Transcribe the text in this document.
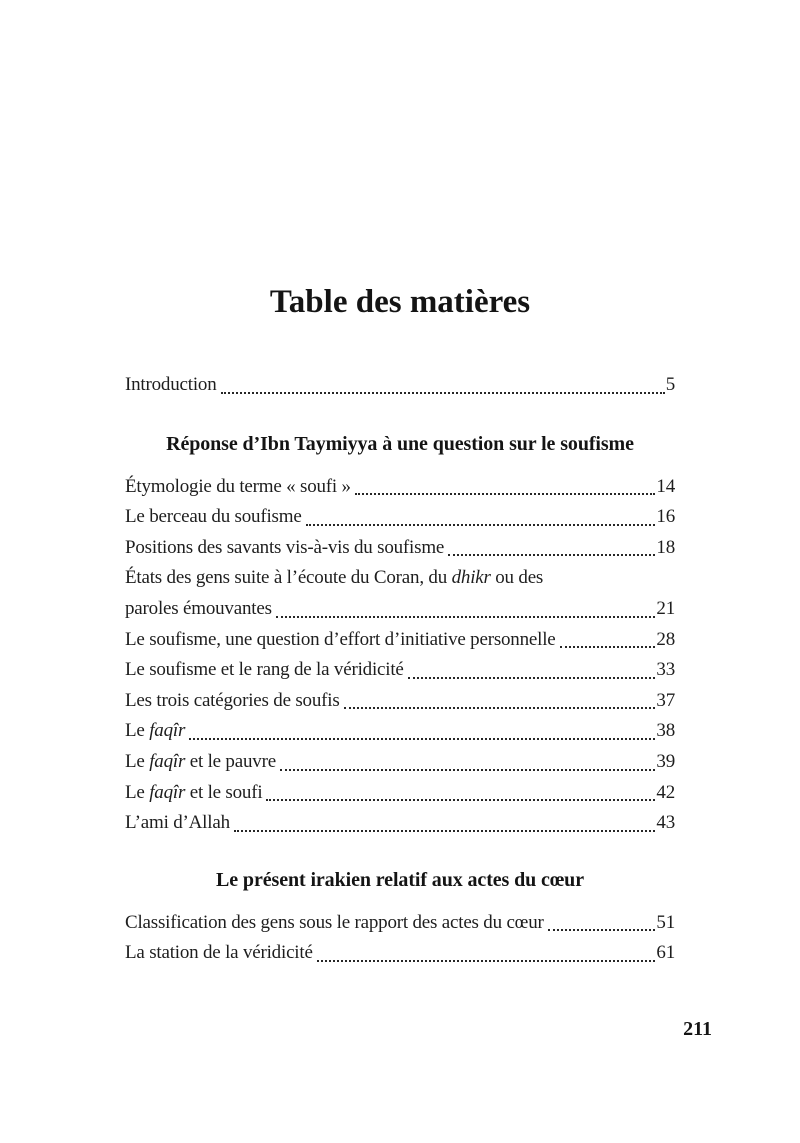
Table des matières
Introduction	5
Réponse d’Ibn Taymiyya à une question sur le soufisme
Étymologie du terme « soufi »	14
Le berceau du soufisme	16
Positions des savants vis-à-vis du soufisme	18
États des gens suite à l’écoute du Coran, du dhikr ou des
paroles émouvantes	21
Le soufisme, une question d’effort d’initiative personnelle	28
Le soufisme et le rang de la véridicité	33
Les trois catégories de soufis	37
Le faqîr	38
Le faqîr et le pauvre	39
Le faqîr et le soufi	42
L’ami d’Allah	43
Le présent irakien relatif aux actes du cœur
Classification des gens sous le rapport des actes du cœur	51
La station de la véridicité	61
211
